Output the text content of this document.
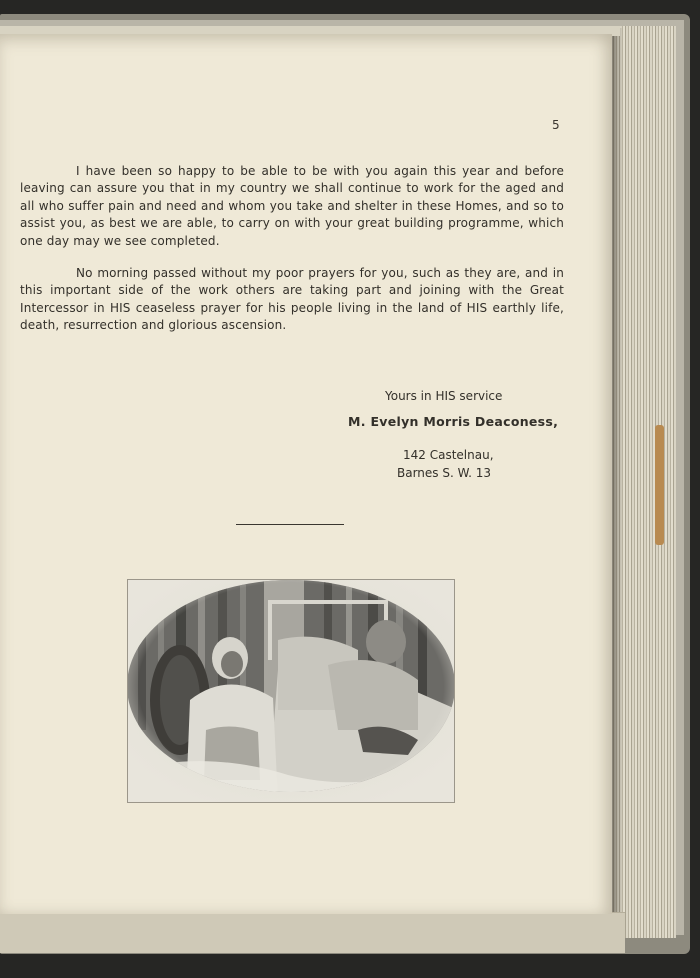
5

I have been so happy to be able to be with you again this year and before leaving can assure you that in my country we shall continue to work for the aged and all who suffer pain and need and whom you take and shelter in these Homes, and so to assist you, as best we are able, to carry on with your great building programme, which one day may we see completed.

No morning passed without my poor prayers for you, such as they are, and in this important side of the work others are taking part and joining with the Great Intercessor in HIS ceaseless prayer for his people living in the land of HIS earthly life, death, resurrection and glorious ascension.

Yours in HIS service
M. Evelyn Morris Deaconess,
142 Castelnau,
Barnes S. W. 13
